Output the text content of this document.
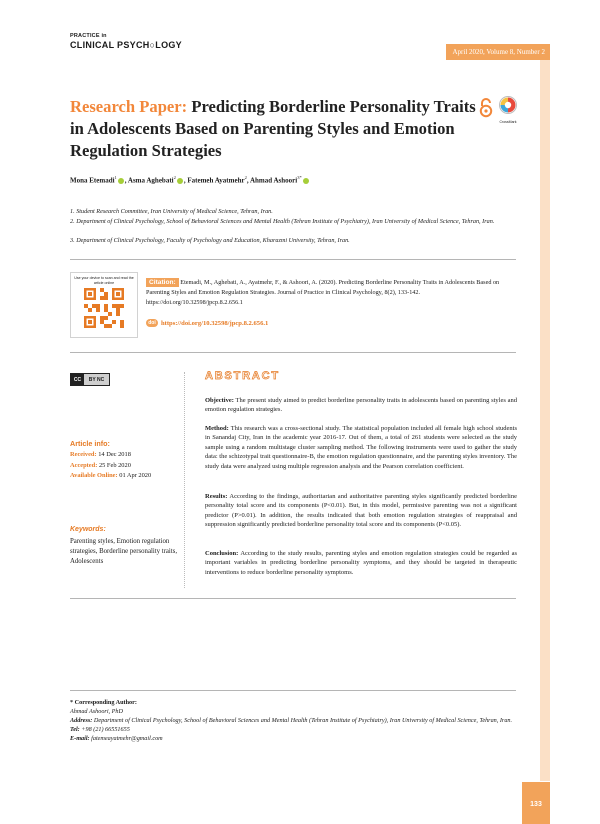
PRACTICE in
CLINICAL PSYCH○LOGY
April 2020, Volume 8, Number 2
Research Paper: Predicting Borderline Personality Traits in Adolescents Based on Parenting Styles and Emotion Regulation Strategies
CrossMark
Mona Etemadi$^1$ , Asma Aghebati$^2$ , Fatemeh Ayatmehr$^2$, Ahmad Ashoori$^{3*}$
1. Student Research Committee, Iran University of Medical Science, Tehran, Iran.
2. Department of Clinical Psychology, School of Behavioral Sciences and Mental Health (Tehran Institute of Psychiatry), Iran University of Medical Science, Tehran, Iran.
3. Department of Clinical Psychology, Faculty of Psychology and Education, Kharazmi University, Tehran, Iran.
Use your device to scan and read the article online	Citation: Etemadi, M., Aghebati, A., Ayatmehr, F., & Ashoori, A. (2020). Predicting Borderline Personality Traits in Adolescents Based on Parenting Styles and Emotion Regulation Strategies. Journal of Practice in Clinical Psychology, 8(2), 133-142. https://doi.org/10.32598/jpcp.8.2.656.1
doi https://doi.org/10.32598/jpcp.8.2.656.1
CC	BY NC
Article info:
Received: 14 Dec 2018
Accepted: 25 Feb 2020
Available Online: 01 Apr 2020
Keywords:
Parenting styles, Emotion regulation strategies, Borderline personality traits, Adolescents
ABSTRACT
Objective: The present study aimed to predict borderline personality traits in adolescents based on parenting styles and emotion regulation strategies.
Method: This research was a cross-sectional study. The statistical population included all female high school students in Sanandaj City, Iran in the academic year 2016-17. Out of them, a total of 261 students were selected as the study sample using a random multistage cluster sampling method. The following instruments were used to gather the study data: the schizotypal trait questionnaire-B, the emotion regulation questionnaire, and the parenting styles inventory. The study data were analyzed using multiple regression analysis and the Pearson correlation coefficient.
Results: According to the findings, authoritarian and authoritative parenting styles significantly predicted borderline personality total score and its components (P<0.01). But, in this model, permissive parenting was not a significant predictor (P>0.01). In addition, the results indicated that both emotion regulation strategies of reappraisal and suppression significantly predicted borderline personality total score and its components (P<0.05).
Conclusion: According to the study results, parenting styles and emotion regulation strategies could be regarded as important variables in predicting borderline personality symptoms, and they should be targeted in therapeutic interventions to reduce borderline personality symptoms.
* Corresponding Author:
Ahmad Ashoori, PhD
Address: Department of Clinical Psychology, School of Behavioral Sciences and Mental Health (Tehran Institute of Psychiatry), Iran University of Medical Science, Tehran, Iran.
Tel: +98 (21) 66551655
E-mail: fatemeayatmehr@gmail.com
133
